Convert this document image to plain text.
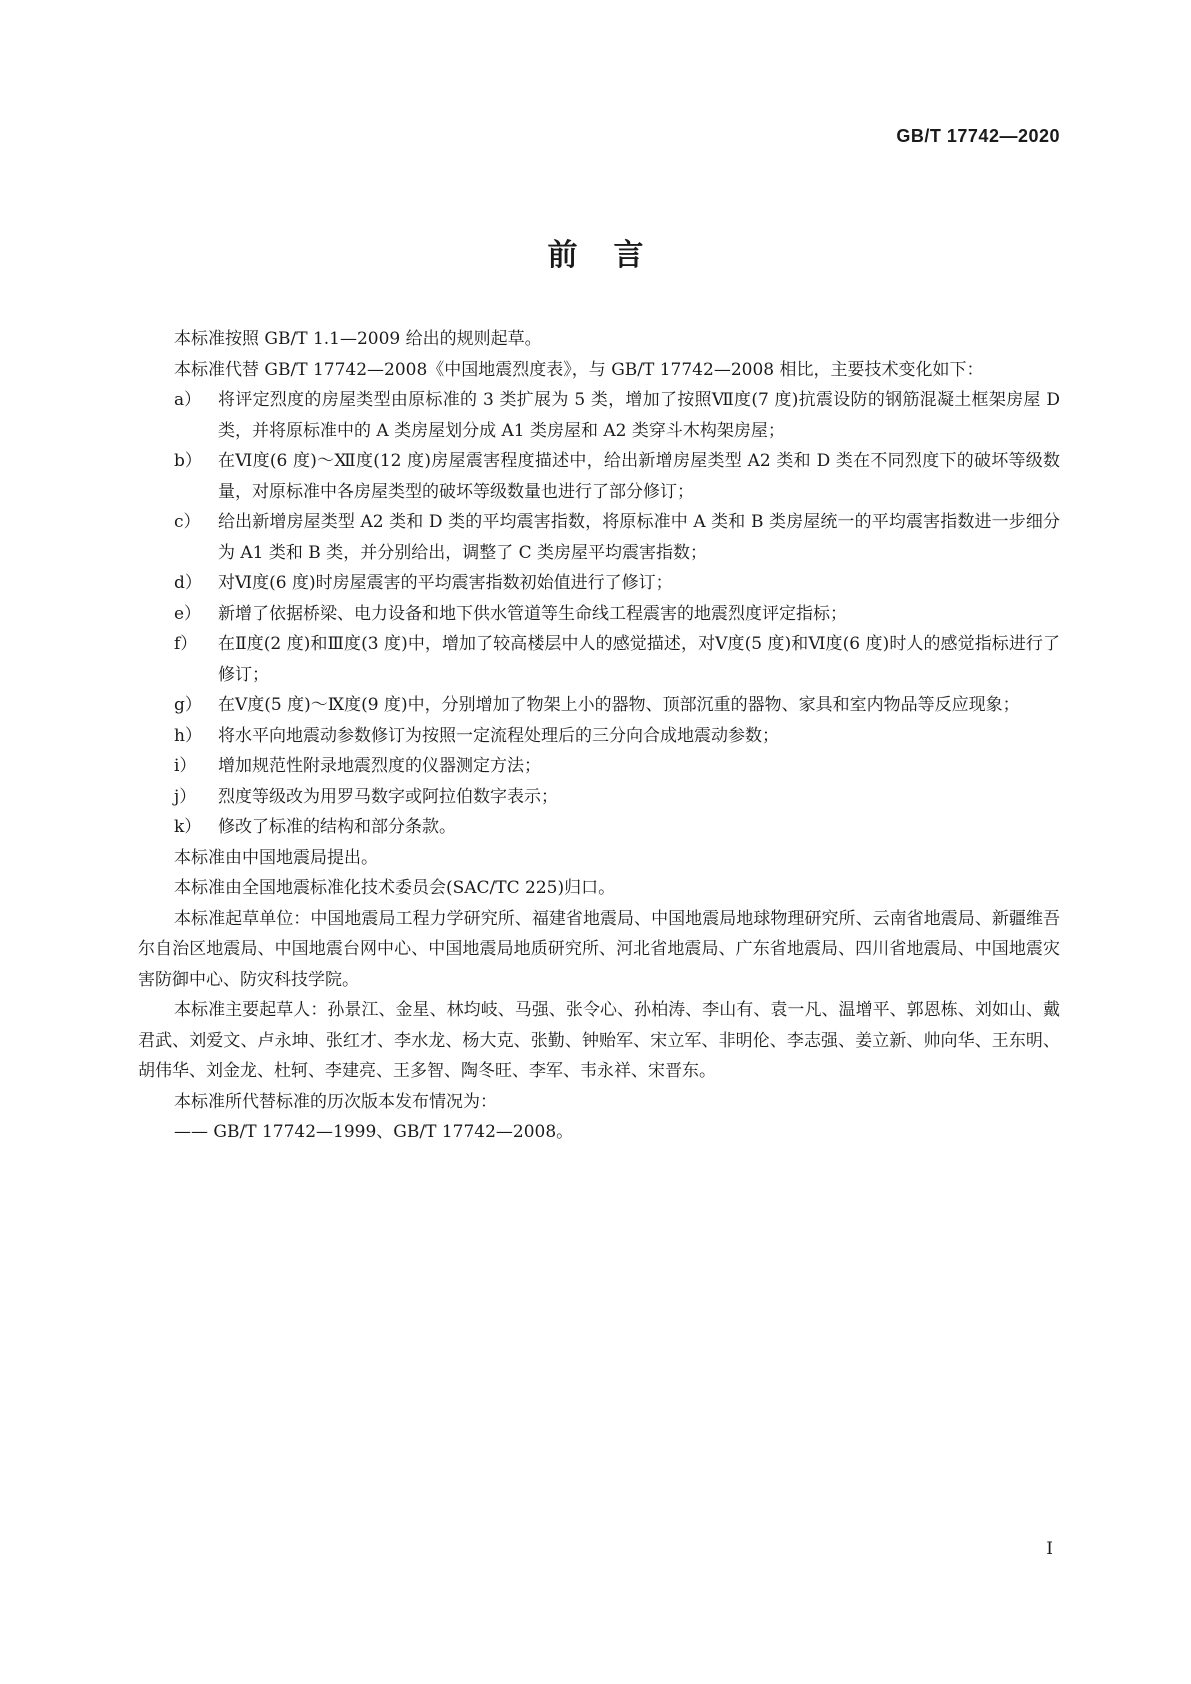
GB/T 17742—2020
前言

本标准按照 GB/T 1.1—2009 给出的规则起草。

本标准代替 GB/T 17742—2008《中国地震烈度表》，与 GB/T 17742—2008 相比，主要技术变化如下：

a） 将评定烈度的房屋类型由原标准的 3 类扩展为 5 类，增加了按照Ⅶ度(7 度)抗震设防的钢筋混凝土框架房屋 D 类，并将原标准中的 A 类房屋划分成 A1 类房屋和 A2 类穿斗木构架房屋；
b） 在Ⅵ度(6 度)～Ⅻ度(12 度)房屋震害程度描述中，给出新增房屋类型 A2 类和 D 类在不同烈度下的破坏等级数量，对原标准中各房屋类型的破坏等级数量也进行了部分修订；
c） 给出新增房屋类型 A2 类和 D 类的平均震害指数，将原标准中 A 类和 B 类房屋统一的平均震害指数进一步细分为 A1 类和 B 类，并分别给出，调整了 C 类房屋平均震害指数；
d） 对Ⅵ度(6 度)时房屋震害的平均震害指数初始值进行了修订；
e） 新增了依据桥梁、电力设备和地下供水管道等生命线工程震害的地震烈度评定指标；
f） 在Ⅱ度(2 度)和Ⅲ度(3 度)中，增加了较高楼层中人的感觉描述，对Ⅴ度(5 度)和Ⅵ度(6 度)时人的感觉指标进行了修订；
g） 在Ⅴ度(5 度)～Ⅸ度(9 度)中，分别增加了物架上小的器物、顶部沉重的器物、家具和室内物品等反应现象；
h） 将水平向地震动参数修订为按照一定流程处理后的三分向合成地震动参数；
i） 增加规范性附录地震烈度的仪器测定方法；
j） 烈度等级改为用罗马数字或阿拉伯数字表示；
k） 修改了标准的结构和部分条款。

本标准由中国地震局提出。

本标准由全国地震标准化技术委员会(SAC/TC 225)归口。

本标准起草单位：中国地震局工程力学研究所、福建省地震局、中国地震局地球物理研究所、云南省地震局、新疆维吾尔自治区地震局、中国地震台网中心、中国地震局地质研究所、河北省地震局、广东省地震局、四川省地震局、中国地震灾害防御中心、防灾科技学院。

本标准主要起草人：孙景江、金星、林均岐、马强、张令心、孙柏涛、李山有、袁一凡、温增平、郭恩栋、刘如山、戴君武、刘爱文、卢永坤、张红才、李水龙、杨大克、张勤、钟贻军、宋立军、非明伦、李志强、姜立新、帅向华、王东明、胡伟华、刘金龙、杜轲、李建亮、王多智、陶冬旺、李军、韦永祥、宋晋东。

本标准所代替标准的历次版本发布情况为：

—— GB/T 17742—1999、GB/T 17742—2008。

I
